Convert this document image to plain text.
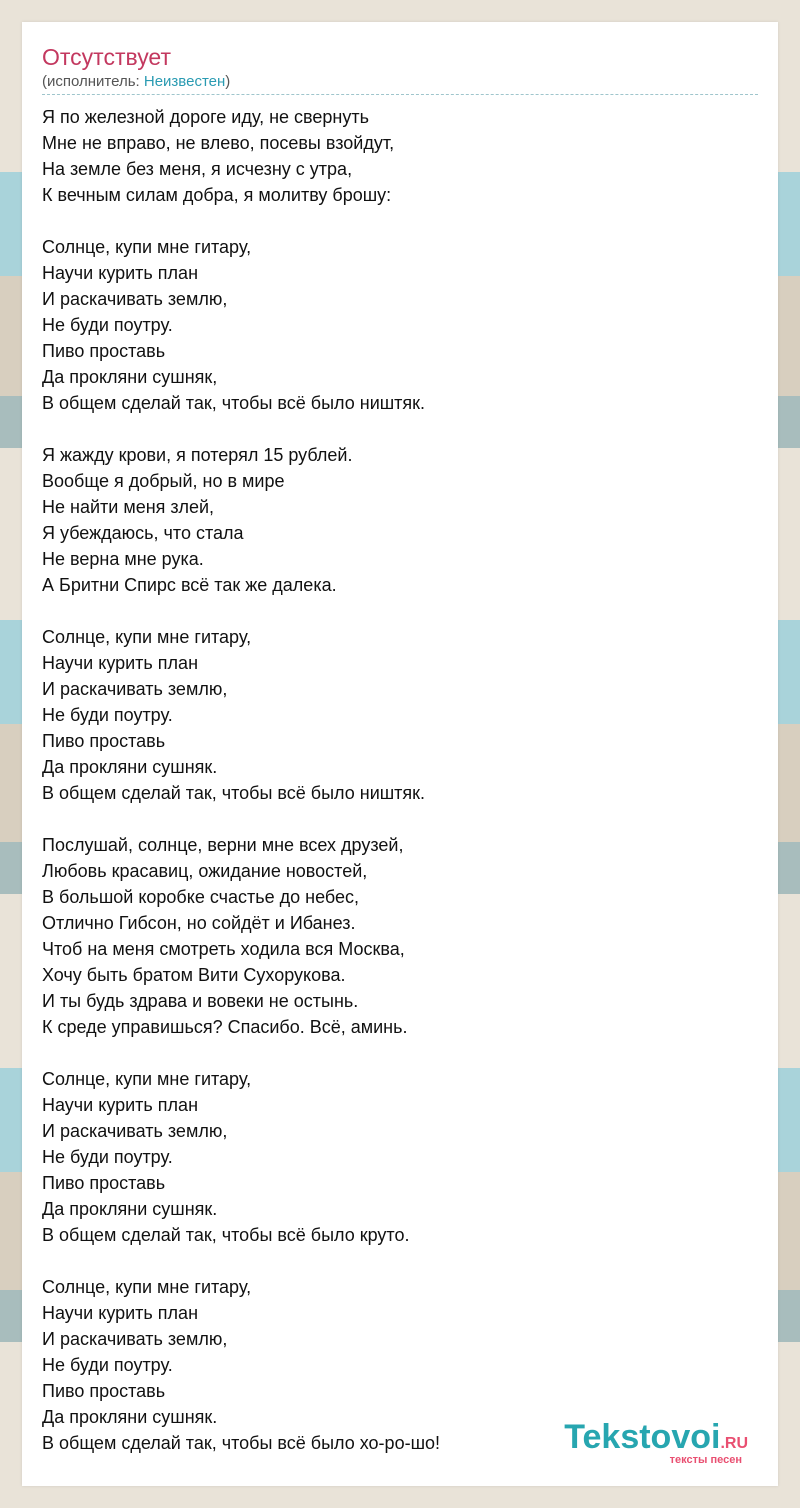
Отсутствует
(исполнитель: Неизвестен)
Я по железной дороге иду, не свернуть
Мне не вправо, не влево, посевы взойдут,
На земле без меня, я исчезну с утра,
К вечным силам добра, я молитву брошу:
Солнце, купи мне гитару,
Научи курить план
И раскачивать землю,
Не буди поутру.
Пиво проставь
Да прокляни сушняк,
В общем сделай так, чтобы всё было ништяк.
Я жажду крови, я потерял 15 рублей.
Вообще я добрый, но в мире
Не найти меня злей,
Я убеждаюсь, что стала
Не верна мне рука.
А Бритни Спирс всё так же далека.
Солнце, купи мне гитару,
Научи курить план
И раскачивать землю,
Не буди поутру.
Пиво проставь
Да прокляни сушняк.
В общем сделай так, чтобы всё было ништяк.
Послушай, солнце, верни мне всех друзей,
Любовь красавиц, ожидание новостей,
В большой коробке счастье до небес,
Отлично Гибсон, но сойдёт и Ибанез.
Чтоб на меня смотреть ходила вся Москва,
Хочу быть братом Вити Сухорукова.
И ты будь здрава и вовеки не остынь.
К среде управишься? Спасибо. Всё, аминь.
Солнце, купи мне гитару,
Научи курить план
И раскачивать землю,
Не буди поутру.
Пиво проставь
Да прокляни сушняк.
В общем сделай так, чтобы всё было круто.
Солнце, купи мне гитару,
Научи курить план
И раскачивать землю,
Не буди поутру.
Пиво проставь
Да прокляни сушняк.
В общем сделай так, чтобы всё было хо-ро-шо!	Tekstovoi.RU
тексты песен
